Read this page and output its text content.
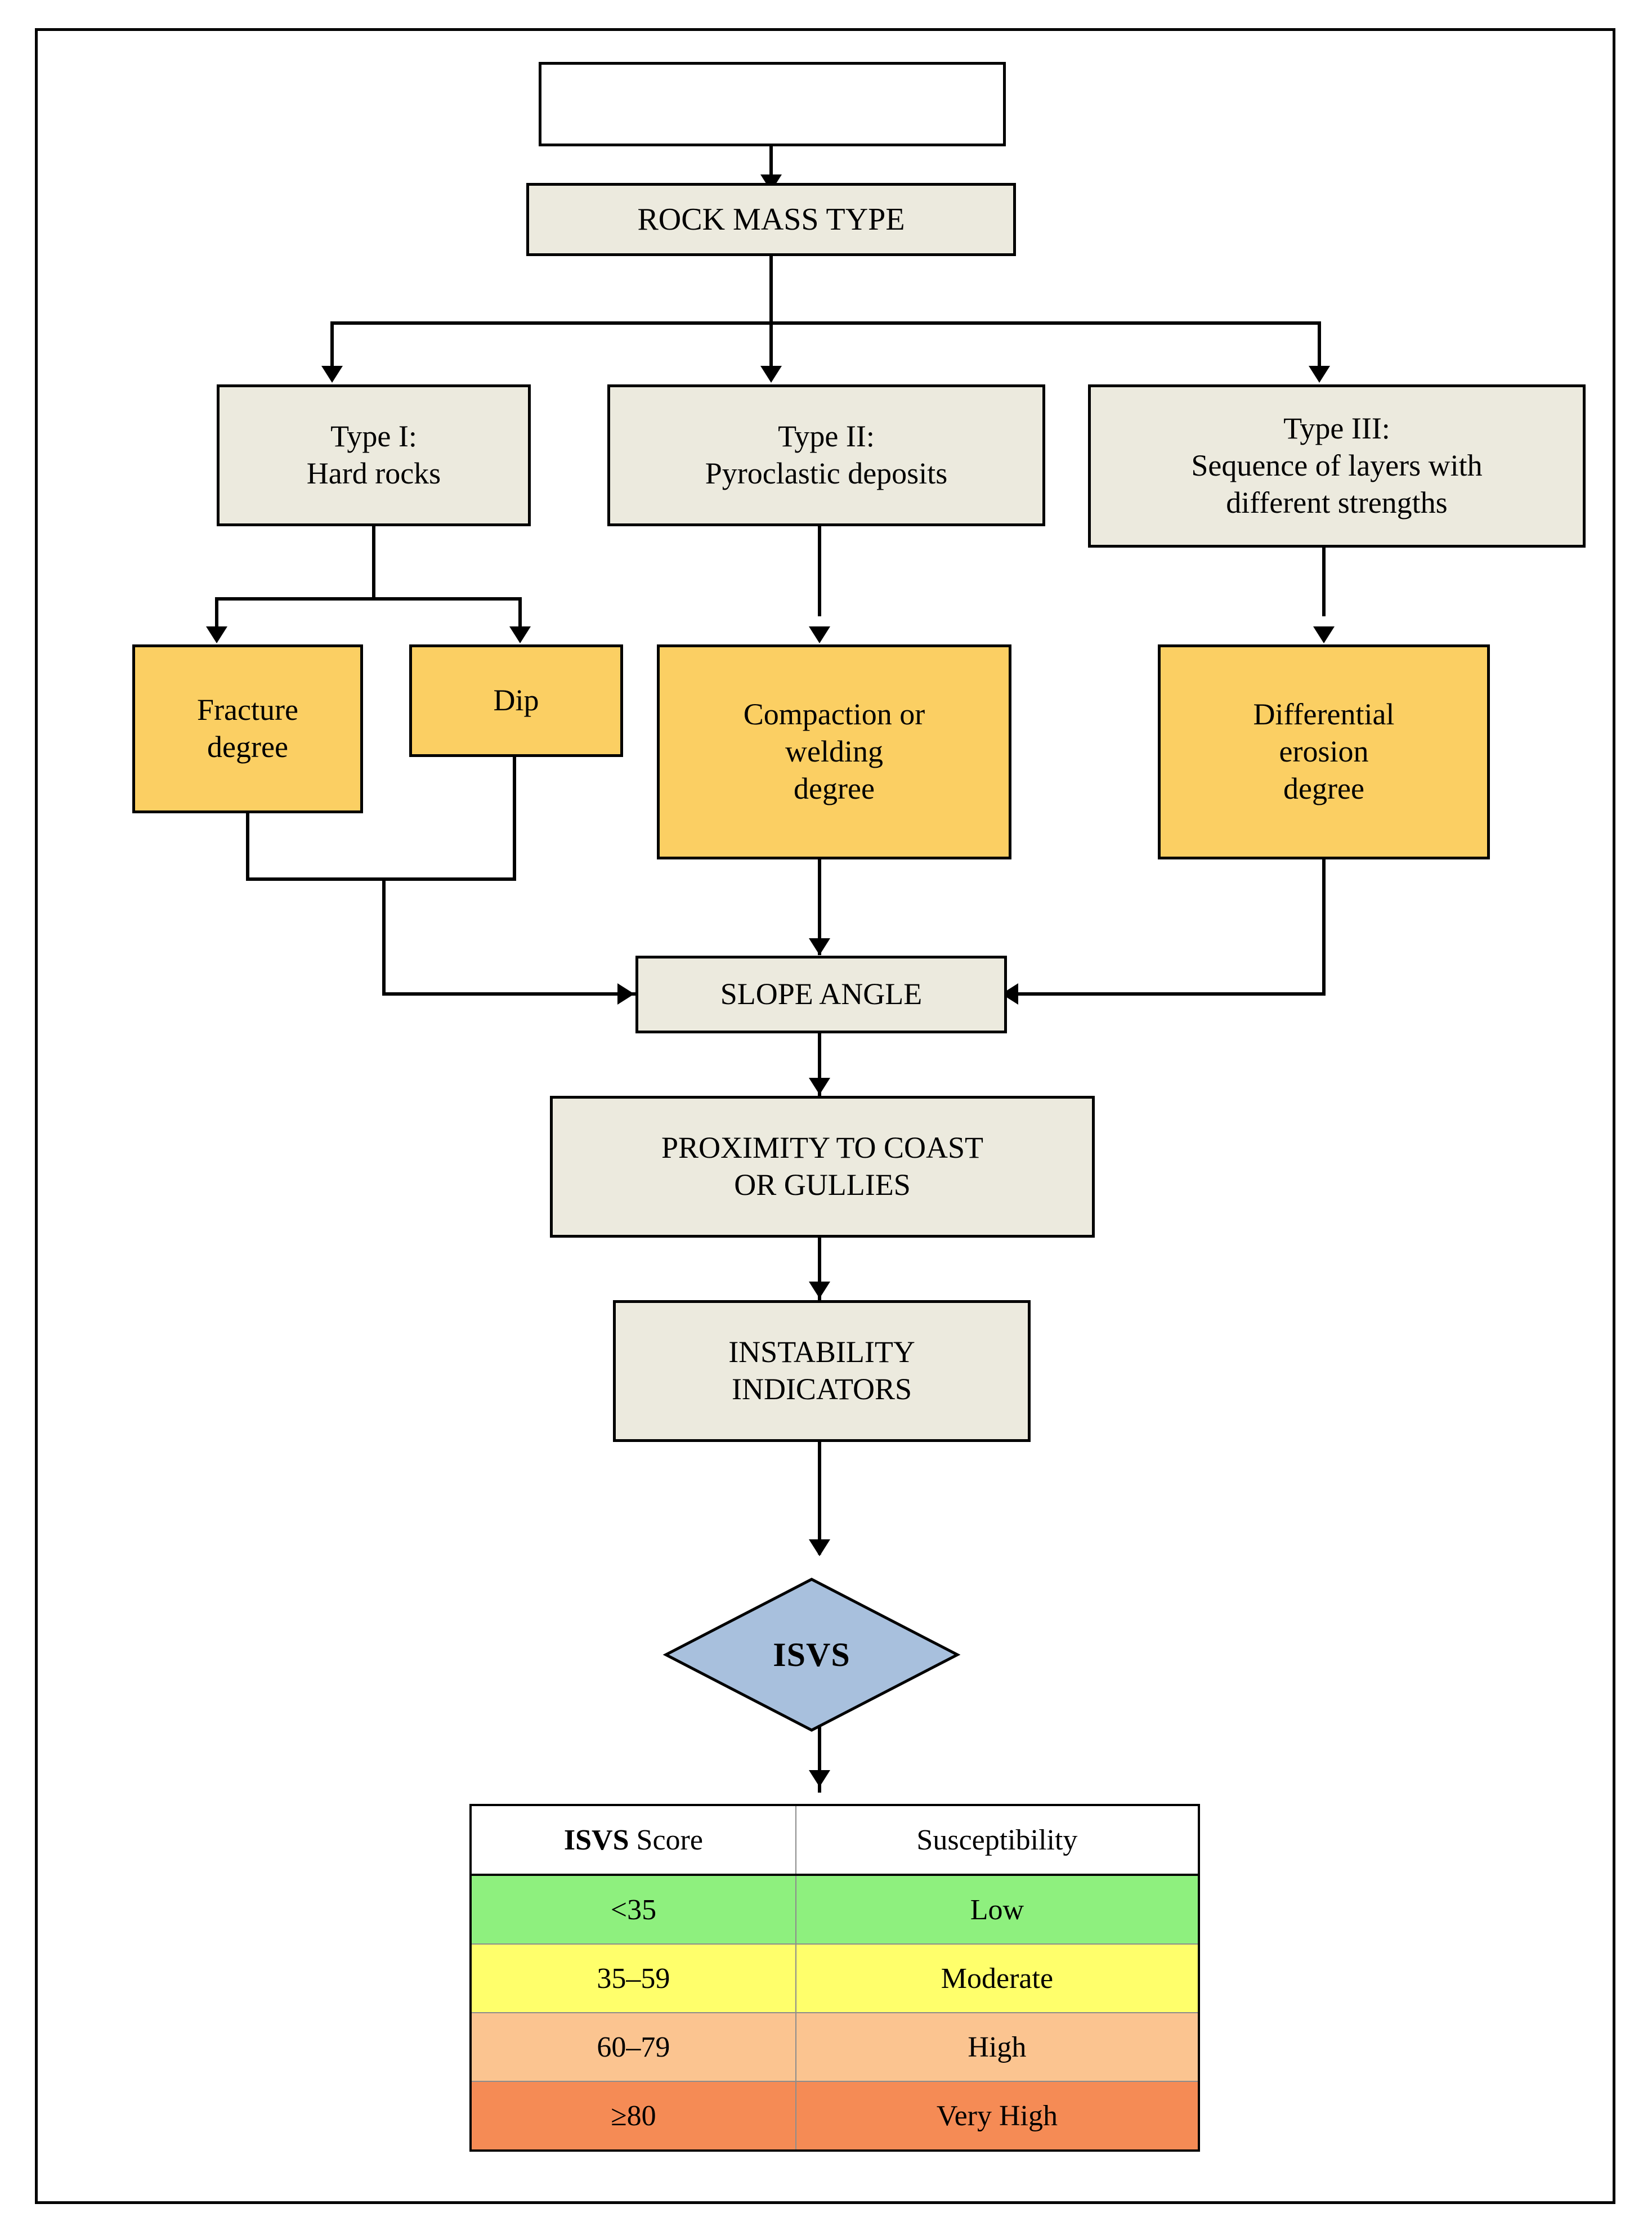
ROCK MASS TYPE
Type I:
Hard rocks
Type II:
Pyroclastic deposits
Type III:
Sequence of layers with
different strengths
Fracture
degree
Dip	Compaction or
welding
degree
Differential
erosion
degree
SLOPE ANGLE
PROXIMITY TO COAST
OR GULLIES
INSTABILITY
INDICATORS
ISVS
ISVS Score	Susceptibility
<35	Low
35–59	Moderate
60–79	High
≥80	Very High
